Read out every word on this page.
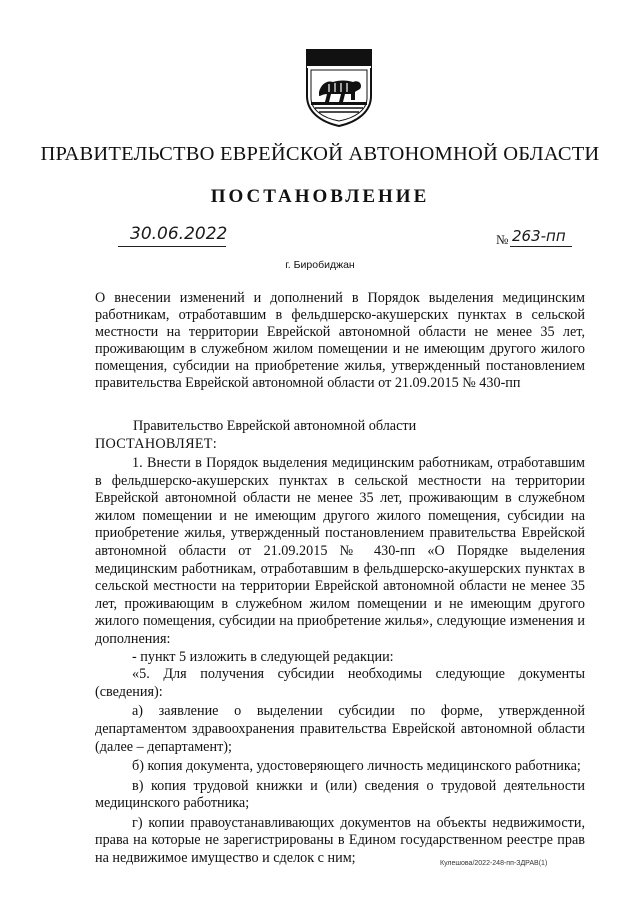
ПРАВИТЕЛЬСТВО ЕВРЕЙСКОЙ АВТОНОМНОЙ ОБЛАСТИ
ПОСТАНОВЛЕНИЕ
30.06.2022	№ 263-пп
г. Биробиджан
О внесении изменений и дополнений в Порядок выделения медицинским работникам, отработавшим в фельдшерско-акушерских пунктах в сельской местности на территории Еврейской автономной области не менее 35 лет, проживающим в служебном жилом помещении и не имеющим другого жилого помещения, субсидии на приобретение жилья, утвержденный постановлением правительства Еврейской автономной области от 21.09.2015 № 430-пп
Правительство Еврейской автономной области
ПОСТАНОВЛЯЕТ:

1. Внести в Порядок выделения медицинским работникам, отработавшим в фельдшерско-акушерских пунктах в сельской местности на территории Еврейской автономной области не менее 35 лет, проживающим в служебном жилом помещении и не имеющим другого жилого помещения, субсидии на приобретение жилья, утвержденный постановлением правительства Еврейской автономной области от 21.09.2015 № 430-пп «О Порядке выделения медицинским работникам, отработавшим в фельдшерско-акушерских пунктах в сельской местности на территории Еврейской автономной области не менее 35 лет, проживающим в служебном жилом помещении и не имеющим другого жилого помещения, субсидии на приобретение жилья», следующие изменения и дополнения:

- пункт 5 изложить в следующей редакции:

«5. Для получения субсидии необходимы следующие документы (сведения):

а) заявление о выделении субсидии по форме, утвержденной департаментом здравоохранения правительства Еврейской автономной области (далее – департамент);

б) копия документа, удостоверяющего личность медицинского работника;

в) копия трудовой книжки и (или) сведения о трудовой деятельности медицинского работника;

г) копии правоустанавливающих документов на объекты недвижимости, права на которые не зарегистрированы в Едином государственном реестре прав на недвижимое имущество и сделок с ним;	Кулешова/2022-248-пп-ЗДРАВ(1)
